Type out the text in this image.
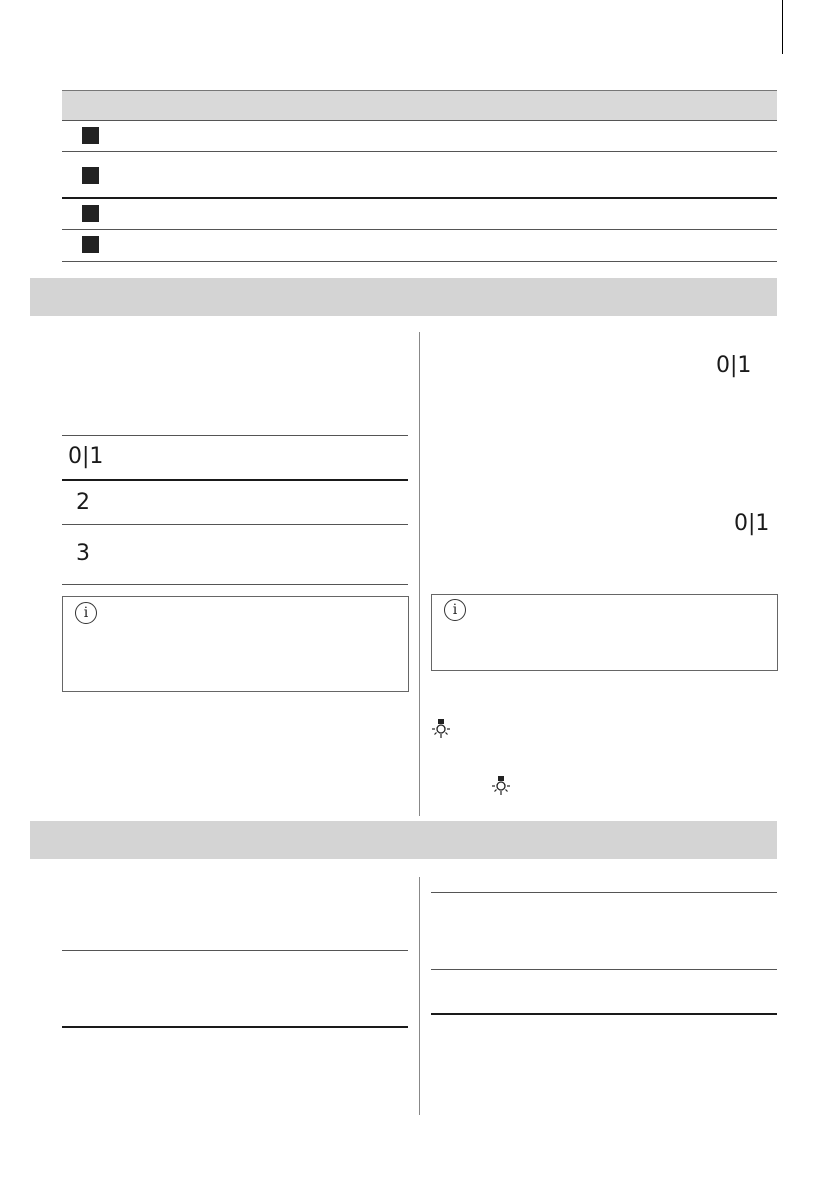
0|1
2
3
i
0|1
0|1
i
